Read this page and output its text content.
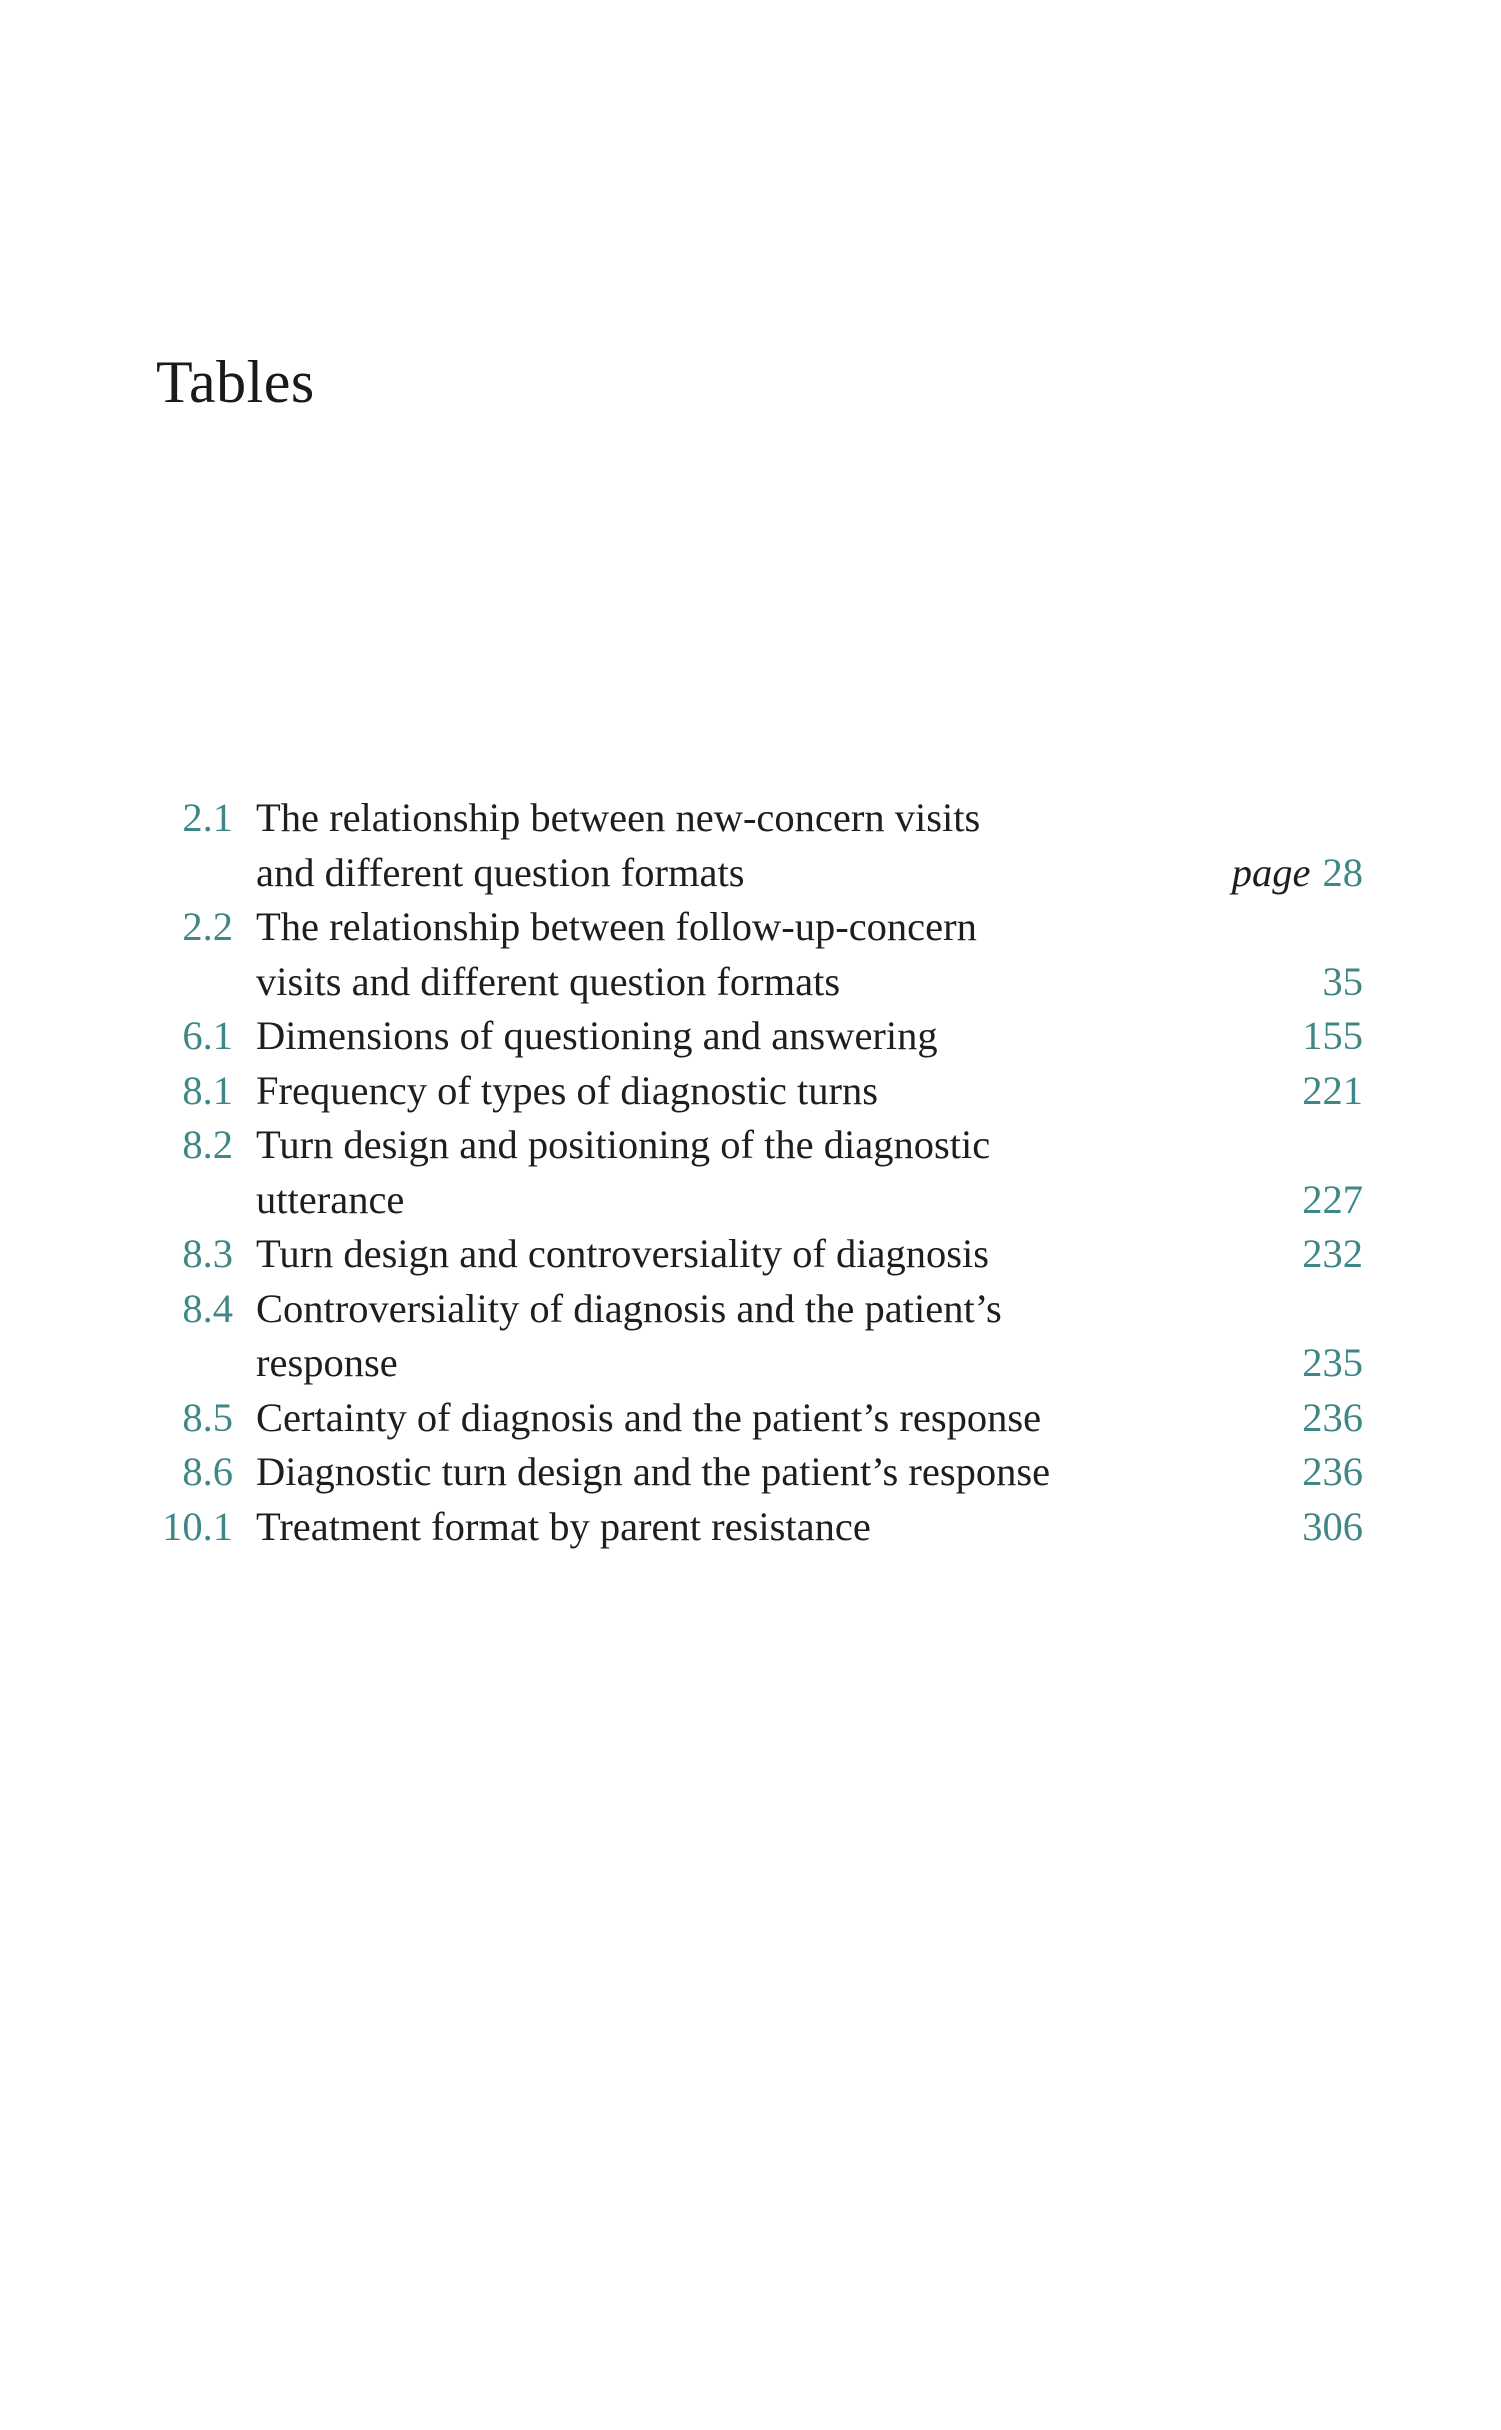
Tables
2.1 The relationship between new-concern visits
and different question formats	page 28
2.2 The relationship between follow-up-concern
visits and different question formats	35
6.1 Dimensions of questioning and answering	155
8.1 Frequency of types of diagnostic turns	221
8.2 Turn design and positioning of the diagnostic
utterance	227
8.3 Turn design and controversiality of diagnosis	232
8.4 Controversiality of diagnosis and the patient’s
response	235
8.5 Certainty of diagnosis and the patient’s response	236
8.6 Diagnostic turn design and the patient’s response	236
10.1 Treatment format by parent resistance	306
